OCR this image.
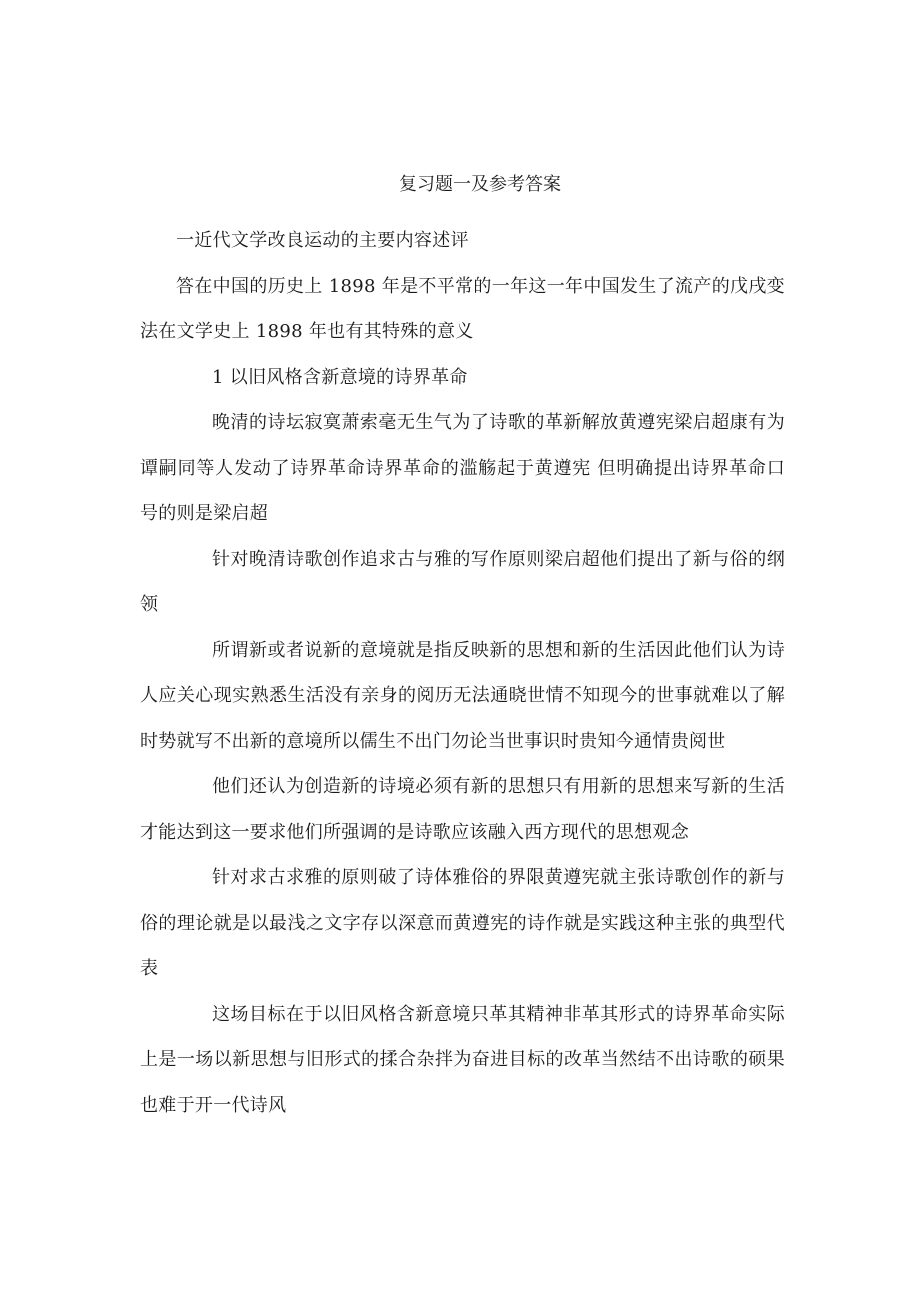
复习题一及参考答案

一近代文学改良运动的主要内容述评

答在中国的历史上 1898 年是不平常的一年这一年中国发生了流产的戊戌变法在文学史上 1898 年也有其特殊的意义

1 以旧风格含新意境的诗界革命

晚清的诗坛寂寞萧索毫无生气为了诗歌的革新解放黄遵宪梁启超康有为谭嗣同等人发动了诗界革命诗界革命的滥觞起于黄遵宪 但明确提出诗界革命口号的则是梁启超

针对晚清诗歌创作追求古与雅的写作原则梁启超他们提出了新与俗的纲领

所谓新或者说新的意境就是指反映新的思想和新的生活因此他们认为诗人应关心现实熟悉生活没有亲身的阅历无法通晓世情不知现今的世事就难以了解时势就写不出新的意境所以儒生不出门勿论当世事识时贵知今通情贵阅世

他们还认为创造新的诗境必须有新的思想只有用新的思想来写新的生活才能达到这一要求他们所强调的是诗歌应该融入西方现代的思想观念

针对求古求雅的原则破了诗体雅俗的界限黄遵宪就主张诗歌创作的新与俗的理论就是以最浅之文字存以深意而黄遵宪的诗作就是实践这种主张的典型代表

这场目标在于以旧风格含新意境只革其精神非革其形式的诗界革命实际上是一场以新思想与旧形式的揉合杂拌为奋进目标的改革当然结不出诗歌的硕果也难于开一代诗风
